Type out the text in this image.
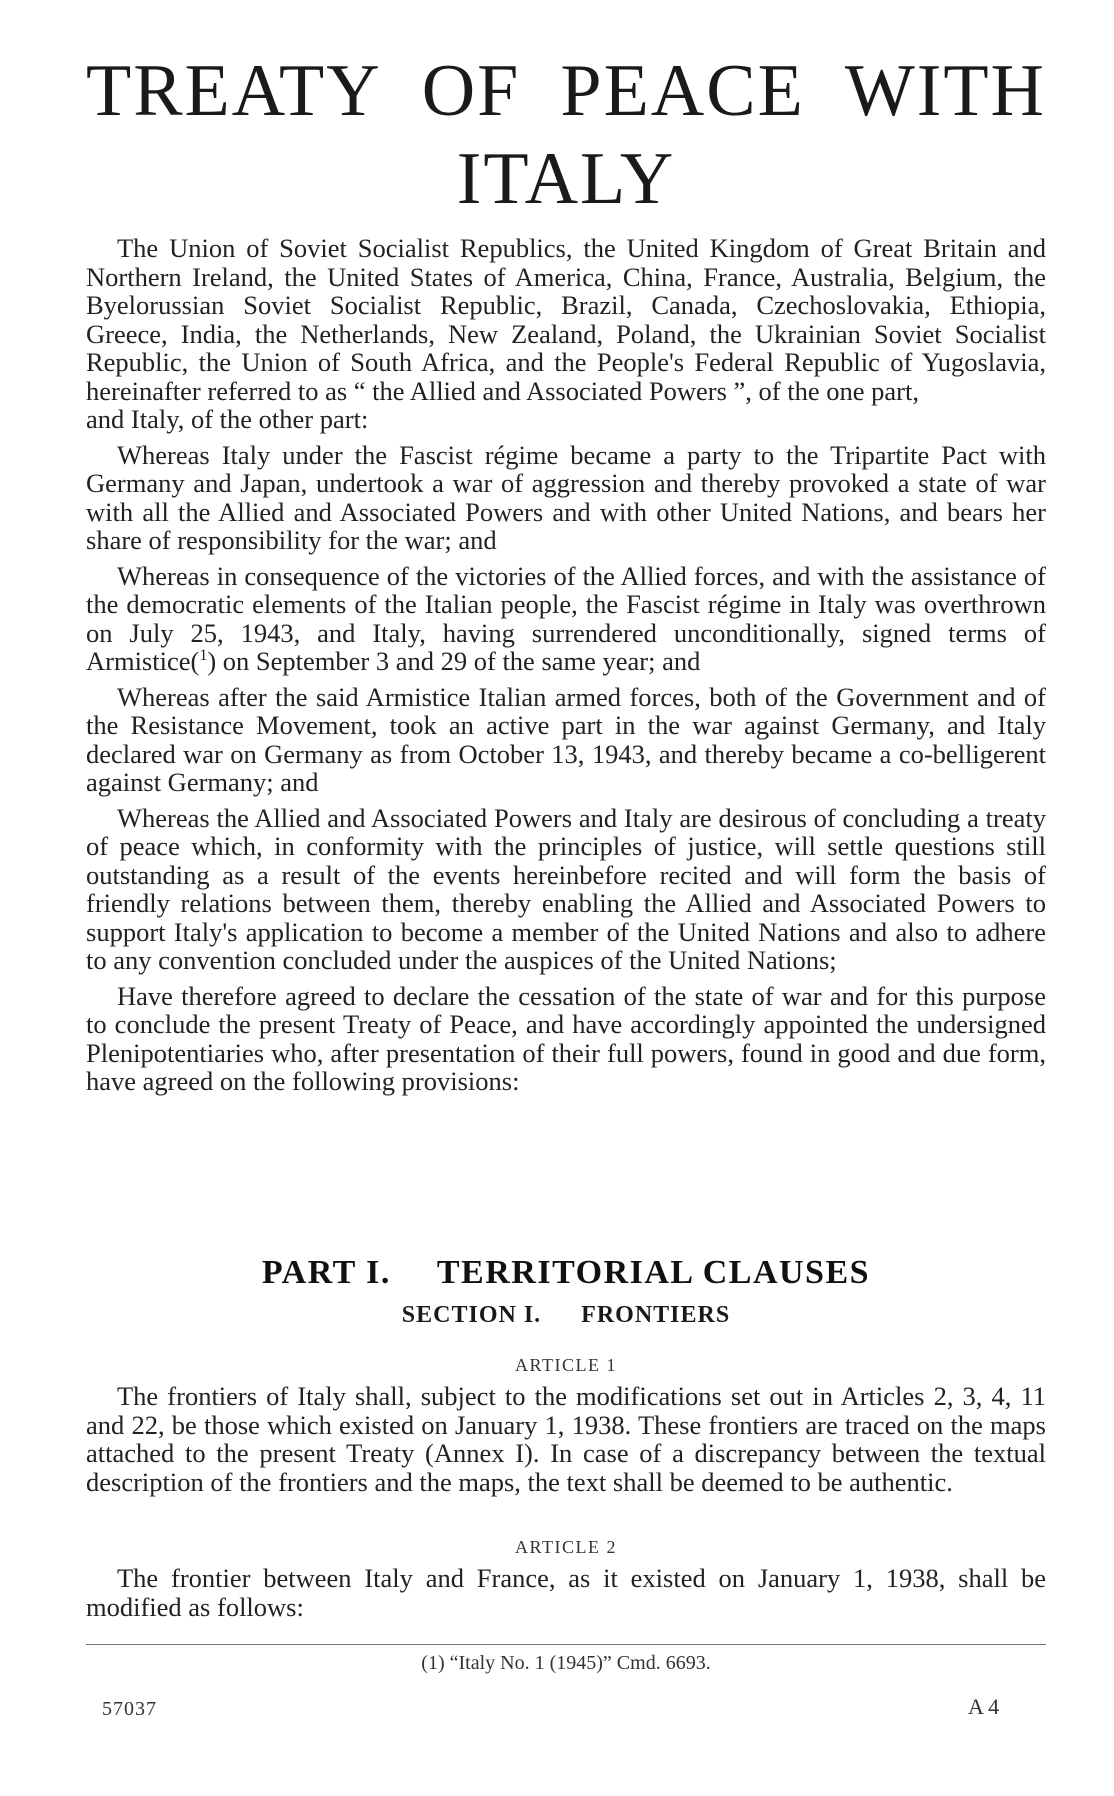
TREATY OF PEACE WITH
ITALY

The Union of Soviet Socialist Republics, the United Kingdom of Great Britain and Northern Ireland, the United States of America, China, France, Australia, Belgium, the Byelorussian Soviet Socialist Republic, Brazil, Canada, Czechoslovakia, Ethiopia, Greece, India, the Netherlands, New Zealand, Poland, the Ukrainian Soviet Socialist Republic, the Union of South Africa, and the People's Federal Republic of Yugoslavia, hereinafter referred to as “ the Allied and Associated Powers ”, of the one part,

and Italy, of the other part:

Whereas Italy under the Fascist régime became a party to the Tripartite Pact with Germany and Japan, undertook a war of aggression and thereby provoked a state of war with all the Allied and Associated Powers and with other United Nations, and bears her share of responsibility for the war; and

Whereas in consequence of the victories of the Allied forces, and with the assistance of the democratic elements of the Italian people, the Fascist régime in Italy was overthrown on July 25, 1943, and Italy, having surrendered unconditionally, signed terms of Armistice($^1$) on September 3 and 29 of the same year; and

Whereas after the said Armistice Italian armed forces, both of the Government and of the Resistance Movement, took an active part in the war against Germany, and Italy declared war on Germany as from October 13, 1943, and thereby became a co-belligerent against Germany; and

Whereas the Allied and Associated Powers and Italy are desirous of concluding a treaty of peace which, in conformity with the principles of justice, will settle questions still outstanding as a result of the events hereinbefore recited and will form the basis of friendly relations between them, thereby enabling the Allied and Associated Powers to support Italy's application to become a member of the United Nations and also to adhere to any convention concluded under the auspices of the United Nations;

Have therefore agreed to declare the cessation of the state of war and for this purpose to conclude the present Treaty of Peace, and have accordingly appointed the undersigned Plenipotentiaries who, after presentation of their full powers, found in good and due form, have agreed on the following provisions:

PART I. TERRITORIAL CLAUSES
SECTION I. FRONTIERS
ARTICLE 1

The frontiers of Italy shall, subject to the modifications set out in Articles 2, 3, 4, 11 and 22, be those which existed on January 1, 1938. These frontiers are traced on the maps attached to the present Treaty (Annex I). In case of a discrepancy between the textual description of the frontiers and the maps, the text shall be deemed to be authentic.

ARTICLE 2

The frontier between Italy and France, as it existed on January 1, 1938, shall be modified as follows:

(1) “Italy No. 1 (1945)” Cmd. 6693.
57037	A 4
